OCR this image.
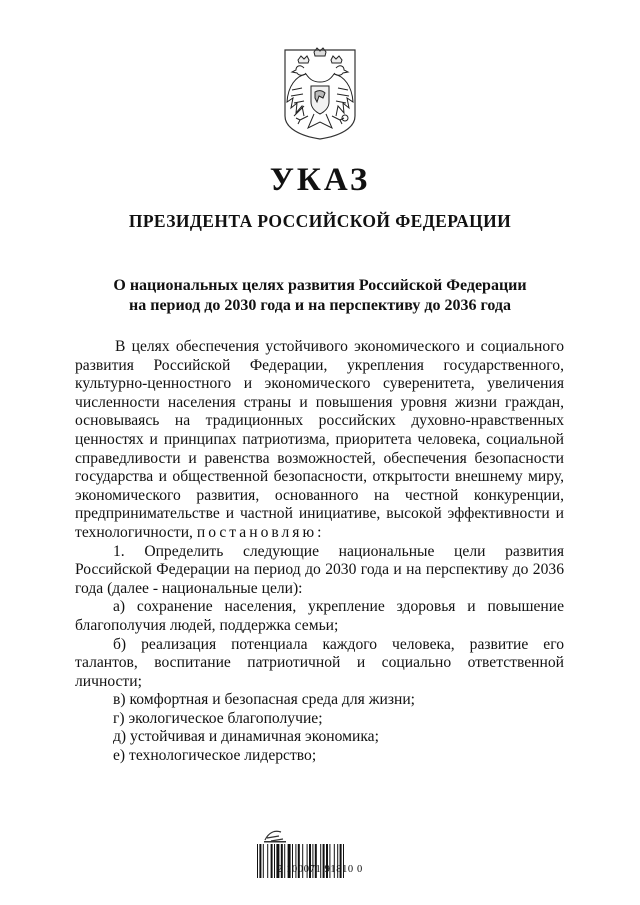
УКАЗ
ПРЕЗИДЕНТА РОССИЙСКОЙ ФЕДЕРАЦИИ
О национальных целях развития Российской Федерации
на период до 2030 года и на перспективу до 2036 года

В целях обеспечения устойчивого экономического и социального развития Российской Федерации, укрепления государственного, культурно-ценностного и экономического суверенитета, увеличения численности населения страны и повышения уровня жизни граждан, основываясь на традиционных российских духовно-нравственных ценностях и принципах патриотизма, приоритета человека, социальной справедливости и равенства возможностей, обеспечения безопасности государства и общественной безопасности, открытости внешнему миру, экономического развития, основанного на честной конкуренции, предпринимательстве и частной инициативе, высокой эффективности и технологичности, постановляю:

1. Определить следующие национальные цели развития Российской Федерации на период до 2030 года и на перспективу до 2036 года (далее - национальные цели):

а) сохранение населения, укрепление здоровья и повышение благополучия людей, поддержка семьи;

б) реализация потенциала каждого человека, развитие его талантов, воспитание патриотичной и социально ответственной личности;

в) комфортная и безопасная среда для жизни;

г) экологическое благополучие;

д) устойчивая и динамичная экономика;

е) технологическое лидерство;

2 100071 91810 0
